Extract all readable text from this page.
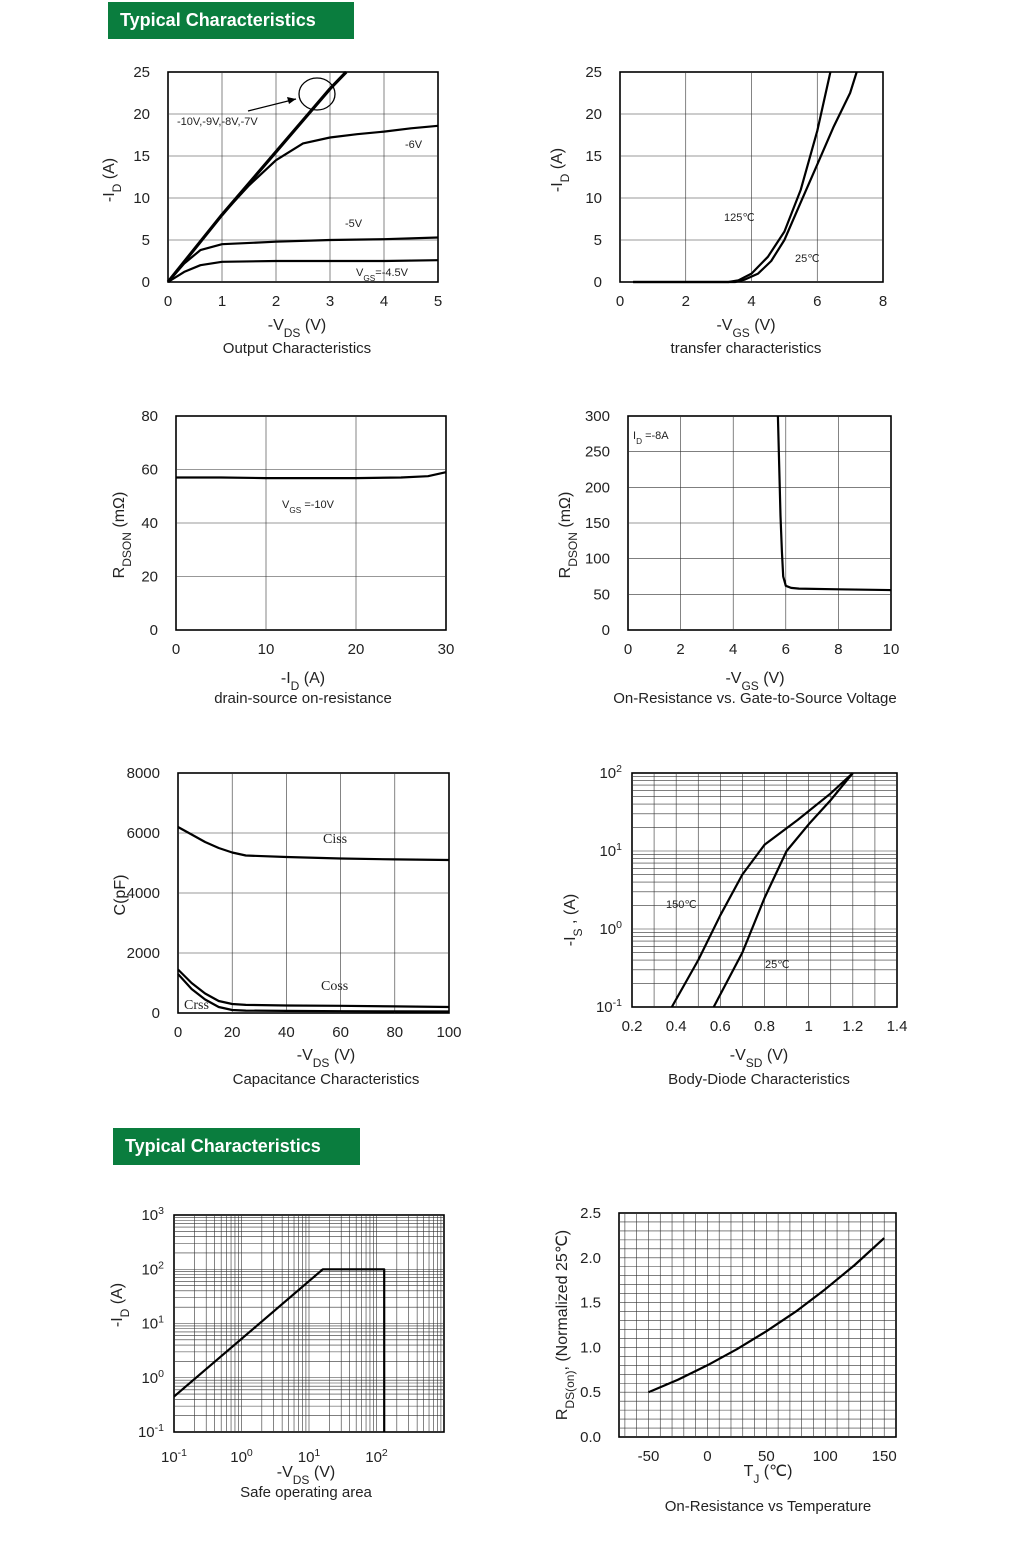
Typical Characteristics
Typical Characteristics
0	1	2	3	4	5
0
5
10
15
20
25
$-V_{DS}$ (V)
$-I_D$ (A)
Output Characteristics
0	2	4	6	8
0
5
10
15
20
25
$-V_{GS}$ (V)
$-I_D$ (A)
transfer characteristics
0	10	20	30
0
20
40
60
80
$-I_D$ (A)
$R_{DSON}$ (mΩ)
drain-source on-resistance
0	2	4	6	8	10
0
50
100
150
200
250
300
$-V_{GS}$ (V)
$R_{DSON}$ (mΩ)
On-Resistance vs. Gate-to-Source Voltage
0	20	40	60	80 100
0
2000
4000
6000
8000
$-V_{DS}$ (V)
C(pF)
Capacitance Characteristics
0.2 0.4 0.6 0.8 1 1.2 1.4
$10^2$
$10^1$
$10^0$
$10^{-1}$
$-V_{SD}$ (V)
$-I_S$ , (A)
Body-Diode Characteristics
$10^{-1}$	$10^0$	$10^1$	$10^2$
$10^3$
$10^2$
$10^1$
$10^0$
$10^{-1}$
$-V_{DS}$ (V)
$-I_D$ (A)
Safe operating area
-50	0	50	100 150
0.0
0.5
1.0
1.5
2.0
2.5
$T_J$ (℃)
$R_{DS(on)}$, (Normalized 25℃)
On-Resistance vs Temperature
-10V,-9V,-8V,-7V
-6V
-5V
$V_{GS}=-4.5V$
125℃
25℃
$V_{GS} =-10V$
$I_D =-8A$
Ciss
Coss
Crss
150℃
25℃
